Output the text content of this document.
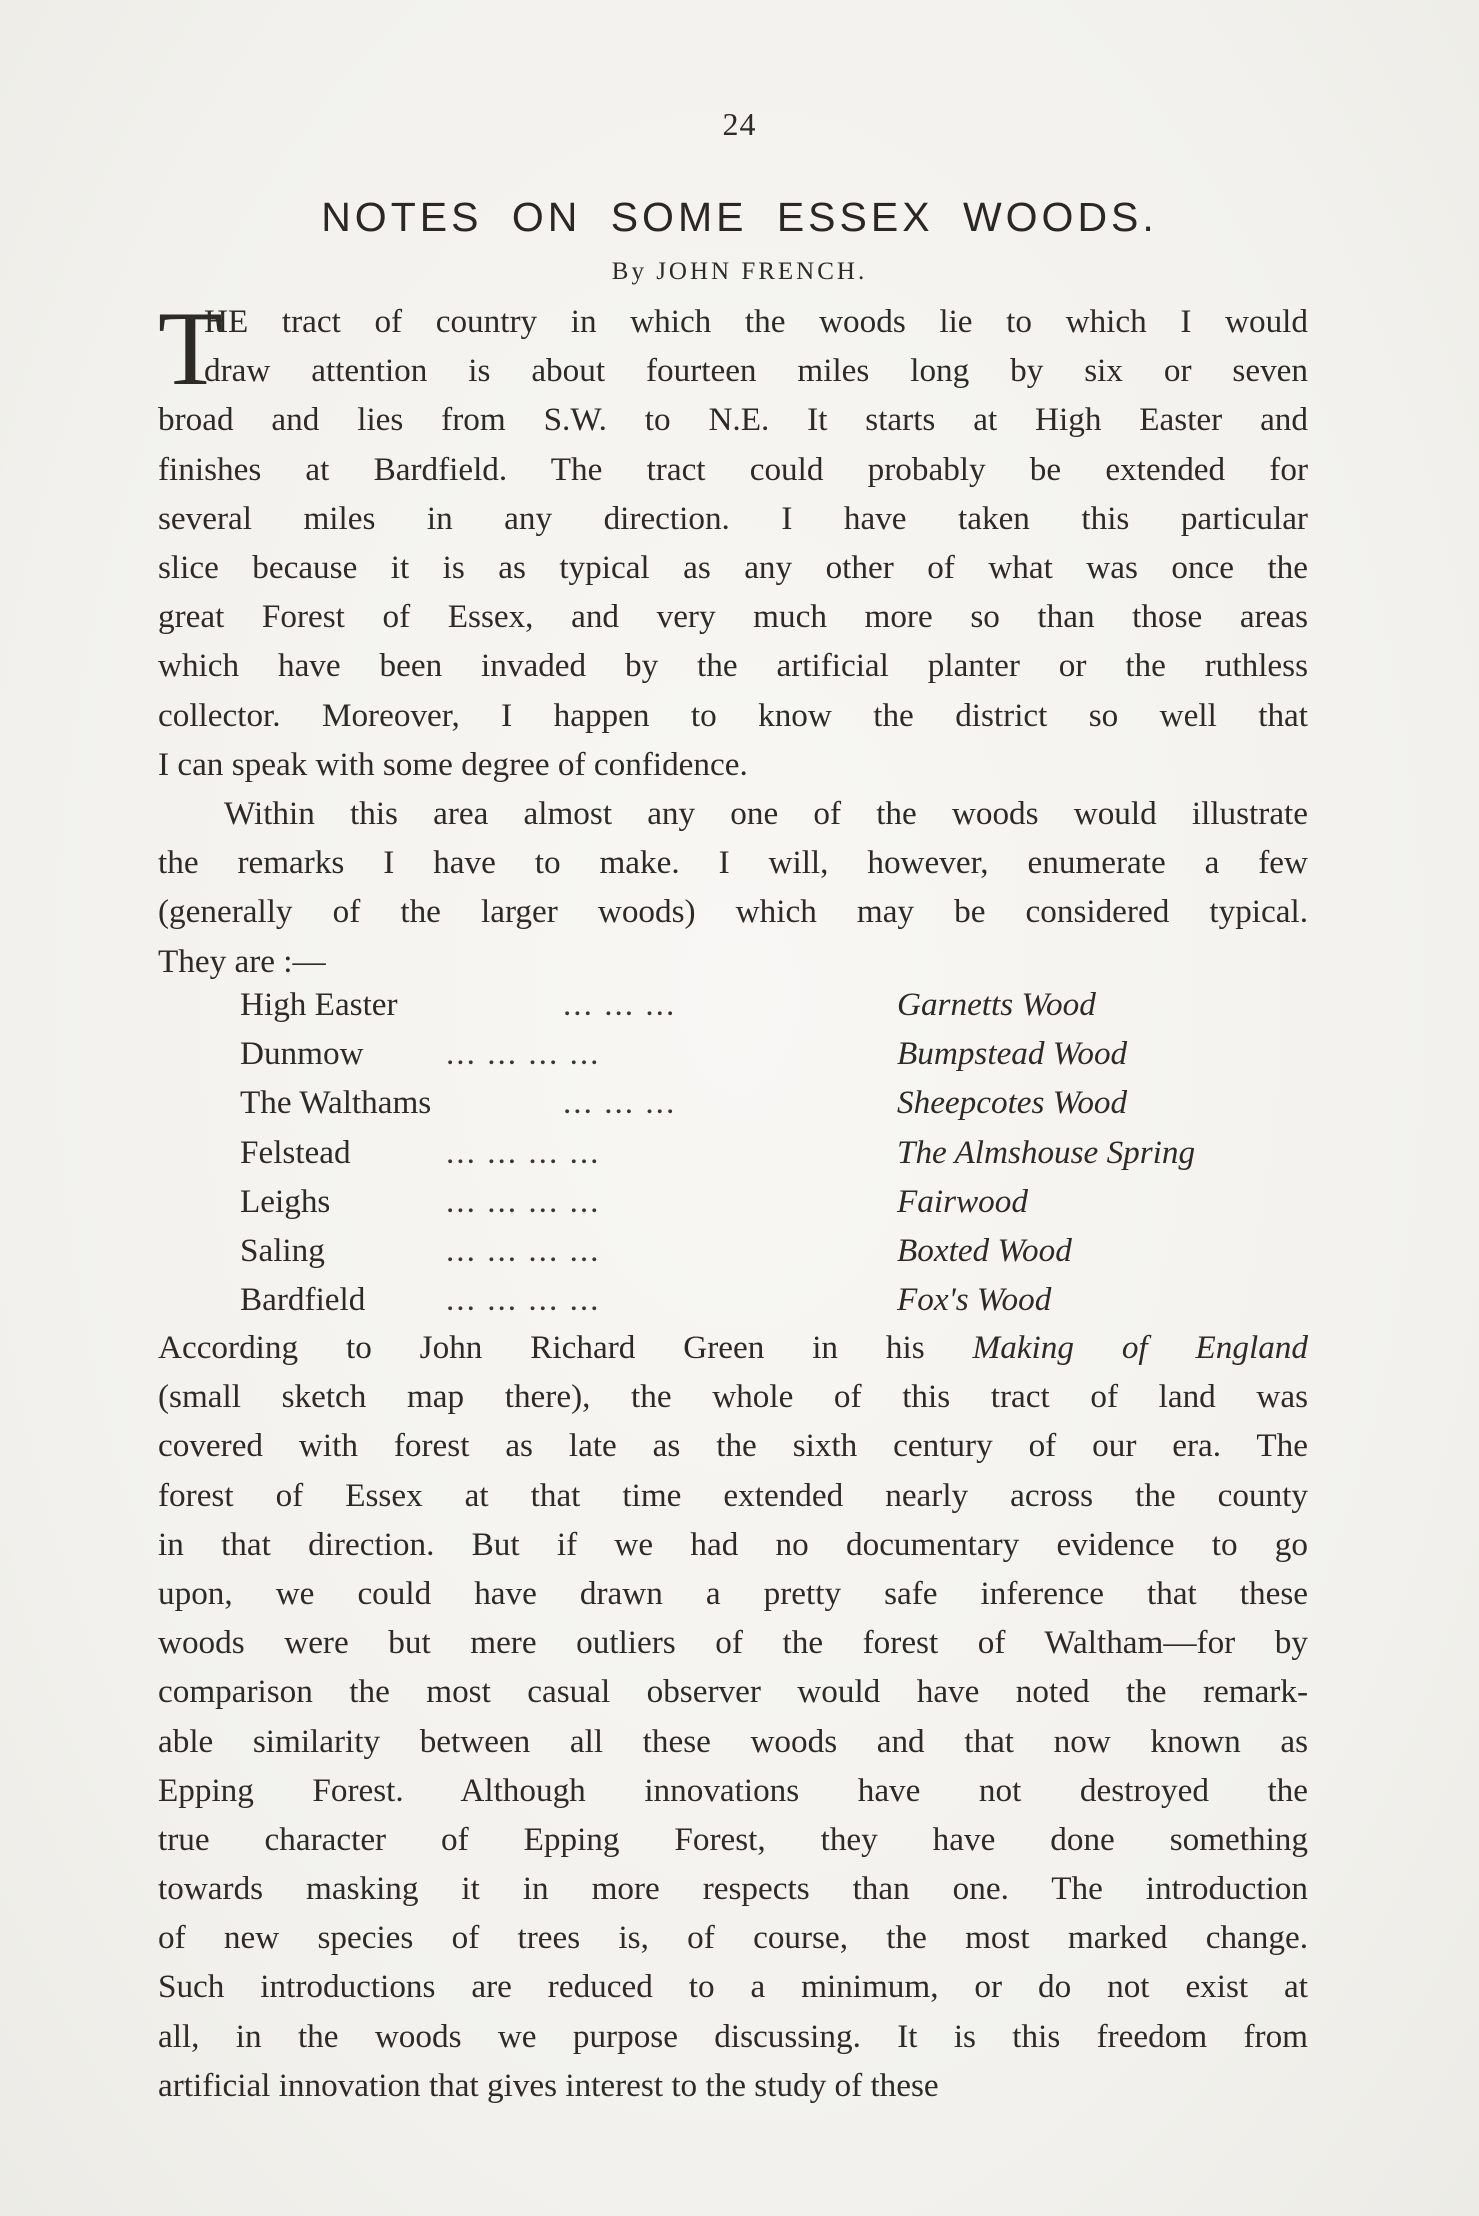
24
NOTES ON SOME ESSEX WOODS.
By JOHN FRENCH.
T
HE tract of country in which the woods lie to which I would
draw attention is about fourteen miles long by six or seven
broad and lies from S.W. to N.E. It starts at High Easter and
finishes at Bardfield. The tract could probably be extended for
several miles in any direction. I have taken this particular
slice because it is as typical as any other of what was once the
great Forest of Essex, and very much more so than those areas
which have been invaded by the artificial planter or the ruthless
collector. Moreover, I happen to know the district so well that
I can speak with some degree of confidence.
Within this area almost any one of the woods would illustrate
the remarks I have to make. I will, however, enumerate a few
(generally of the larger woods) which may be considered typical.
They are :—
High Easter	... ... ...	Garnetts Wood
Dunmow ... ... ... ...	Bumpstead Wood
The Walthams	... ... ...	Sheepcotes Wood
Felstead	... ... ... ...	The Almshouse Spring
Leighs	... ... ... ...	Fairwood
Saling	... ... ... ...	Boxted Wood
Bardfield ... ... ... ...	Fox's Wood
According to John Richard Green in his Making of England
(small sketch map there), the whole of this tract of land was
covered with forest as late as the sixth century of our era. The
forest of Essex at that time extended nearly across the county
in that direction. But if we had no documentary evidence to go
upon, we could have drawn a pretty safe inference that these
woods were but mere outliers of the forest of Waltham—for by
comparison the most casual observer would have noted the remark-
able similarity between all these woods and that now known as
Epping Forest. Although innovations have not destroyed the
true character of Epping Forest, they have done something
towards masking it in more respects than one. The introduction
of new species of trees is, of course, the most marked change.
Such introductions are reduced to a minimum, or do not exist at
all, in the woods we purpose discussing. It is this freedom from
artificial innovation that gives interest to the study of these
